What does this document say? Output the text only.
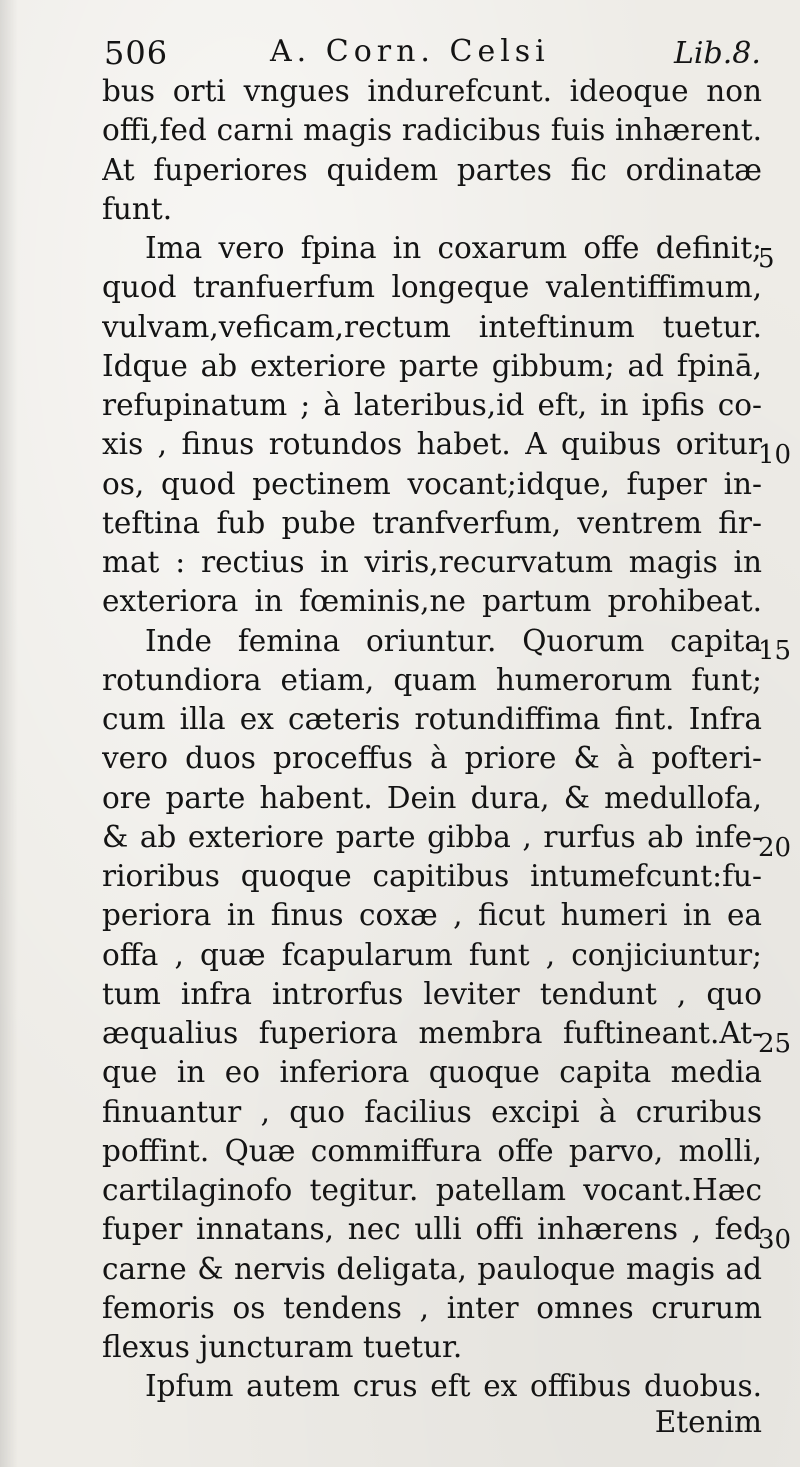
506	A. Corn. Celsi	Lib.8.
bus orti vngues indurefcunt. ideoque non
offi,fed carni magis radicibus fuis inhærent.
At fuperiores quidem partes fic ordinatæ
funt.
Ima vero fpina in coxarum offe definit;
quod tranfuerfum longeque valentiffimum,
vulvam,veficam,rectum inteftinum tuetur.
Idque ab exteriore parte gibbum; ad fpinā,
refupinatum ; à lateribus,id eft, in ipfis co-
xis , finus rotundos habet. A quibus oritur
os, quod pectinem vocant;idque, fuper in-
teftina fub pube tranfverfum, ventrem fir-
mat : rectius in viris,recurvatum magis in
exteriora in fœminis,ne partum prohibeat.
Inde femina oriuntur. Quorum capita
rotundiora etiam, quam humerorum funt;
cum illa ex cæteris rotundiffima fint. Infra
vero duos proceffus à priore & à pofteri-
ore parte habent. Dein dura, & medullofa,
& ab exteriore parte gibba , rurfus ab infe-
rioribus quoque capitibus intumefcunt:fu-
periora in finus coxæ , ficut humeri in ea
offa , quæ fcapularum funt , conjiciuntur;
tum infra introrfus leviter tendunt , quo
æqualius fuperiora membra fuftineant.At-
que in eo inferiora quoque capita media
finuantur , quo facilius excipi à cruribus
poffint. Quæ commiffura offe parvo, molli,
cartilaginofo tegitur. patellam vocant.Hæc
fuper innatans, nec ulli offi inhærens , fed
carne & nervis deligata, pauloque magis ad
femoris os tendens , inter omnes crurum
flexus juncturam tuetur.
Ipfum autem crus eft ex offibus duobus.
Etenim
5
10
15
20
25
30
